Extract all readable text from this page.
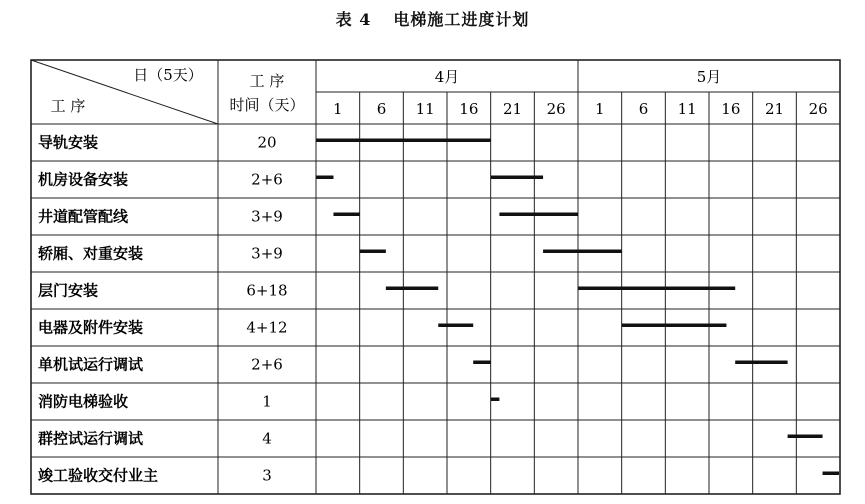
表 4 电梯施工进度计划
日（5天）
工 序
工 序
时间（天）
4月	5月
1 6 11 16 21 26 1 6 11 16 21 26
导轨安装	20
机房设备安装	2+6
井道配管配线	3+9
轿厢、对重安装	3+9
层门安装	6+18
电器及附件安装	4+12
单机试运行调试	2+6
消防电梯验收	1
群控试运行调试	4
竣工验收交付业主	3
